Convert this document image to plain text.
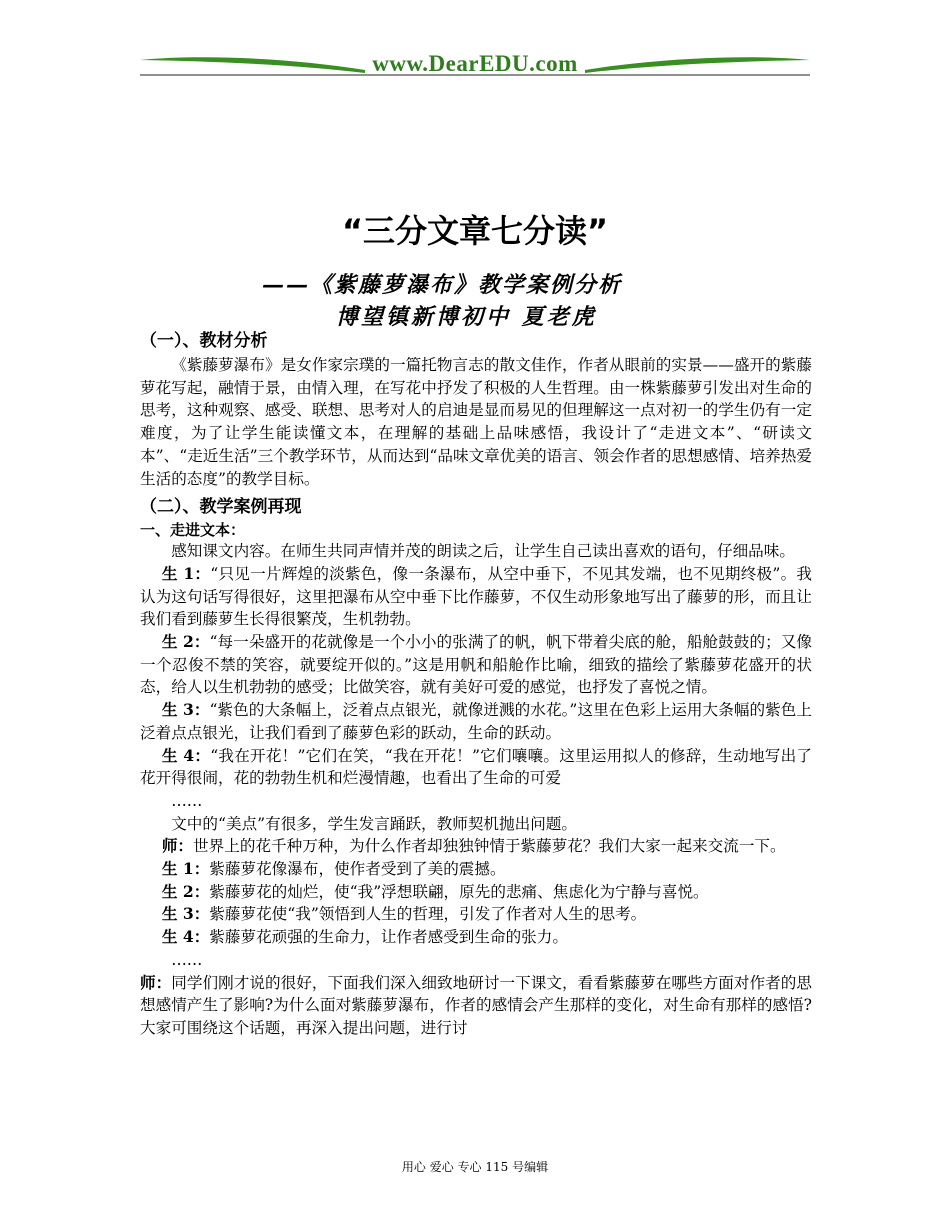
www.DearEDU.com
“三分文章七分读”
——《紫藤萝瀑布》教学案例分析
博望镇新博初中 夏老虎
（一）、教材分析

《紫藤萝瀑布》是女作家宗璞的一篇托物言志的散文佳作，作者从眼前的实景——盛开的紫藤萝花写起，融情于景，由情入理，在写花中抒发了积极的人生哲理。由一株紫藤萝引发出对生命的思考，这种观察、感受、联想、思考对人的启迪是显而易见的但理解这一点对初一的学生仍有一定难度，为了让学生能读懂文本，在理解的基础上品味感悟，我设计了“走进文本”、“研读文本”、“走近生活”三个教学环节，从而达到“品味文章优美的语言、领会作者的思想感情、培养热爱生活的态度”的教学目标。

（二）、教学案例再现
一、走进文本：

感知课文内容。在师生共同声情并茂的朗读之后，让学生自己读出喜欢的语句，仔细品味。

生 1：“只见一片辉煌的淡紫色，像一条瀑布，从空中垂下，不见其发端，也不见期终极”。我认为这句话写得很好，这里把瀑布从空中垂下比作藤萝，不仅生动形象地写出了藤萝的形，而且让我们看到藤萝生长得很繁茂，生机勃勃。

生 2：“每一朵盛开的花就像是一个小小的张满了的帆，帆下带着尖底的舱，船舱鼓鼓的；又像一个忍俊不禁的笑容，就要绽开似的。”这是用帆和船舱作比喻，细致的描绘了紫藤萝花盛开的状态，给人以生机勃勃的感受；比做笑容，就有美好可爱的感觉，也抒发了喜悦之情。

生 3：“紫色的大条幅上，泛着点点银光，就像迸溅的水花。”这里在色彩上运用大条幅的紫色上泛着点点银光，让我们看到了藤萝色彩的跃动，生命的跃动。

生 4：“我在开花！”它们在笑，“我在开花！”它们嚷嚷。这里运用拟人的修辞，生动地写出了花开得很闹，花的勃勃生机和烂漫情趣，也看出了生命的可爱

……

文中的“美点”有很多，学生发言踊跃，教师契机抛出问题。

师：世界上的花千种万种，为什么作者却独独钟情于紫藤萝花？我们大家一起来交流一下。

生 1：紫藤萝花像瀑布，使作者受到了美的震撼。

生 2：紫藤萝花的灿烂，使“我”浮想联翩，原先的悲痛、焦虑化为宁静与喜悦。

生 3：紫藤萝花使“我”领悟到人生的哲理，引发了作者对人生的思考。

生 4：紫藤萝花顽强的生命力，让作者感受到生命的张力。

……

师：同学们刚才说的很好，下面我们深入细致地研讨一下课文，看看紫藤萝在哪些方面对作者的思想感情产生了影响?为什么面对紫藤萝瀑布，作者的感情会产生那样的变化，对生命有那样的感悟?大家可围绕这个话题，再深入提出问题，进行讨

用心 爱心 专心 115 号编辑
